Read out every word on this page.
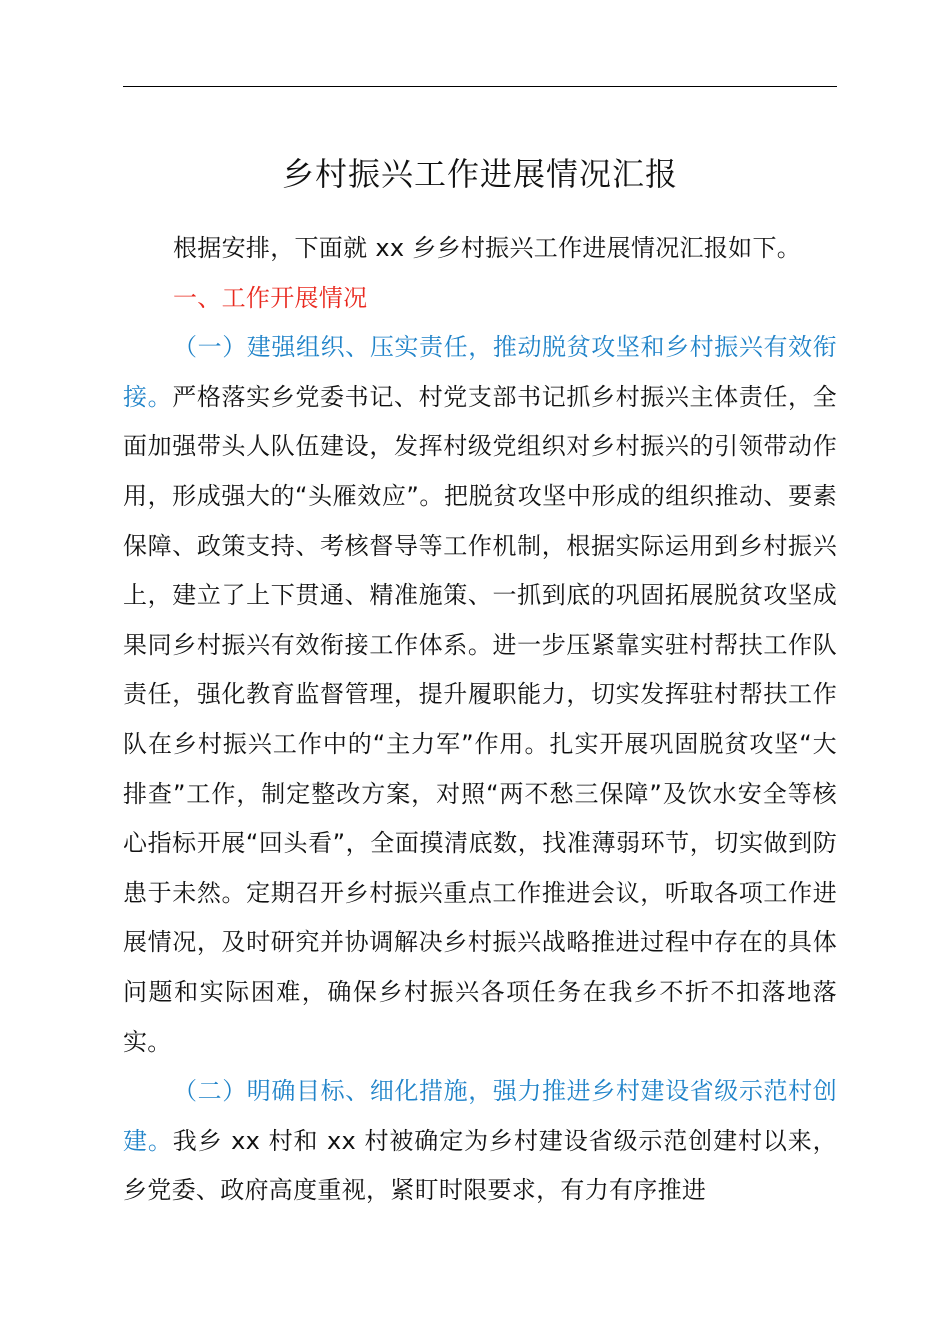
乡村振兴工作进展情况汇报

根据安排，下面就 xx 乡乡村振兴工作进展情况汇报如下。

一、工作开展情况

（一）建强组织、压实责任，推动脱贫攻坚和乡村振兴有效衔接。严格落实乡党委书记、村党支部书记抓乡村振兴主体责任，全面加强带头人队伍建设，发挥村级党组织对乡村振兴的引领带动作用，形成强大的“头雁效应”。把脱贫攻坚中形成的组织推动、要素保障、政策支持、考核督导等工作机制，根据实际运用到乡村振兴上，建立了上下贯通、精准施策、一抓到底的巩固拓展脱贫攻坚成果同乡村振兴有效衔接工作体系。进一步压紧靠实驻村帮扶工作队责任，强化教育监督管理，提升履职能力，切实发挥驻村帮扶工作队在乡村振兴工作中的“主力军”作用。扎实开展巩固脱贫攻坚“大排查”工作，制定整改方案，对照“两不愁三保障”及饮水安全等核心指标开展“回头看”，全面摸清底数，找准薄弱环节，切实做到防患于未然。定期召开乡村振兴重点工作推进会议，听取各项工作进展情况，及时研究并协调解决乡村振兴战略推进过程中存在的具体问题和实际困难，确保乡村振兴各项任务在我乡不折不扣落地落实。

（二）明确目标、细化措施，强力推进乡村建设省级示范村创建。我乡 xx 村和 xx 村被确定为乡村建设省级示范创建村以来，乡党委、政府高度重视，紧盯时限要求，有力有序推进
